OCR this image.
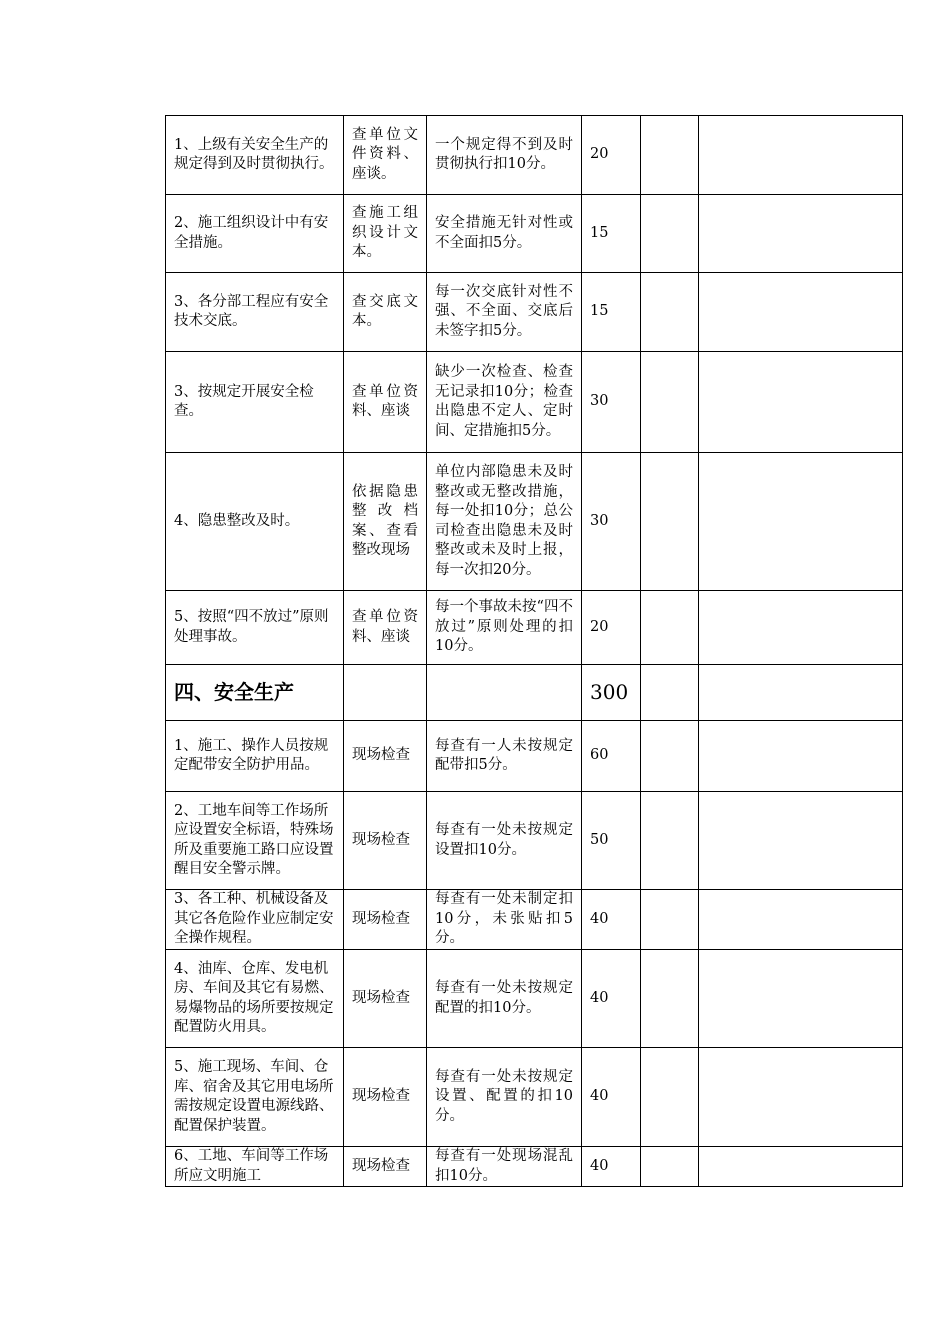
1、上级有关安全生产的规定得到及时贯彻执行。	查单位文件资料、座谈。	一个规定得不到及时贯彻执行扣10分。	20		
2、施工组织设计中有安全措施。	查施工组织设计文本。	安全措施无针对性或不全面扣5分。	15		
3、各分部工程应有安全技术交底。	查交底文本。	每一次交底针对性不强、不全面、交底后未签字扣5分。	15		
3、按规定开展安全检查。	查单位资料、座谈	缺少一次检查、检查无记录扣10分；检查出隐患不定人、定时间、定措施扣5分。	30		
4、隐患整改及时。	依据隐患整改档案、查看整改现场	单位内部隐患未及时整改或无整改措施，每一处扣10分；总公司检查出隐患未及时整改或未及时上报，每一次扣20分。	30		
5、按照“四不放过”原则处理事故。	查单位资料、座谈	每一个事故未按“四不放过”原则处理的扣10分。	20		
四、安全生产			300		
1、施工、操作人员按规定配带安全防护用品。	现场检查	每查有一人未按规定配带扣5分。	60		
2、工地车间等工作场所应设置安全标语，特殊场所及重要施工路口应设置醒目安全警示牌。	现场检查	每查有一处未按规定设置扣10分。	50		
3、各工种、机械设备及其它各危险作业应制定安全操作规程。	现场检查	每查有一处未制定扣10分，未张贴扣5分。	40		
4、油库、仓库、发电机房、车间及其它有易燃、易爆物品的场所要按规定配置防火用具。	现场检查	每查有一处未按规定配置的扣10分。	40		
5、施工现场、车间、仓库、宿舍及其它用电场所需按规定设置电源线路、配置保护装置。	现场检查	每查有一处未按规定设置、配置的扣10分。	40		
6、工地、车间等工作场所应文明施工	现场检查	每查有一处现场混乱扣10分。	40		
